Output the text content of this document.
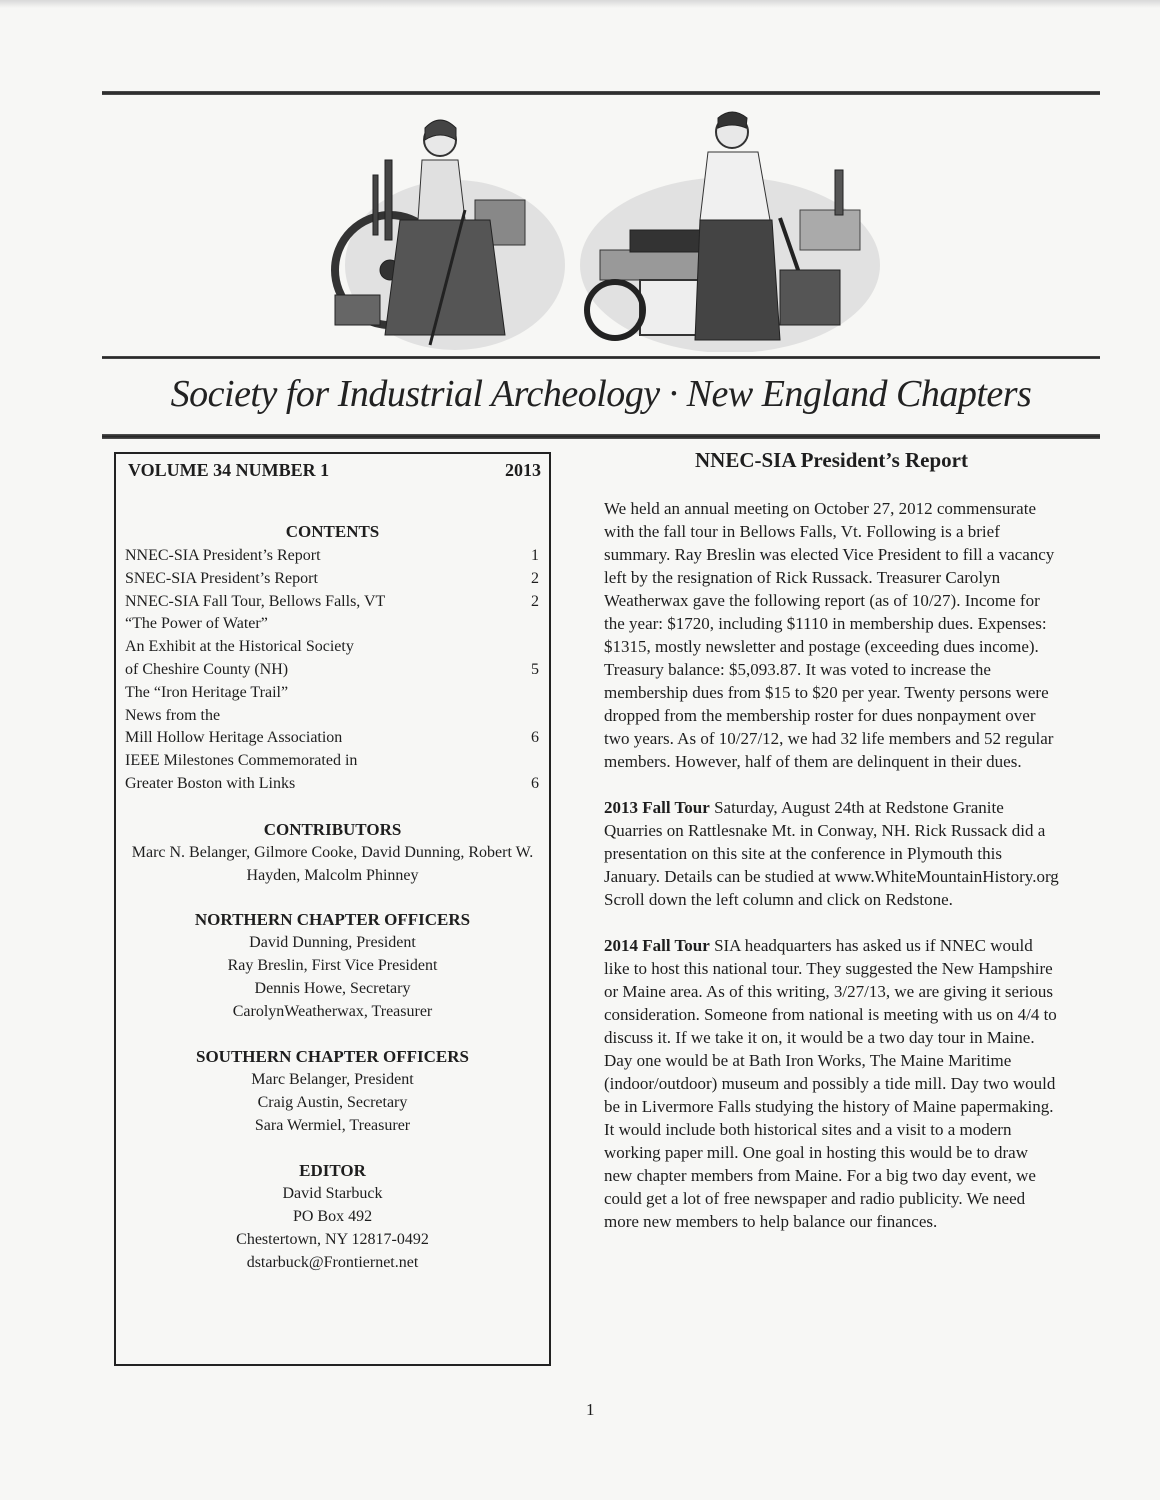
Society for Industrial Archeology · New England Chapters
VOLUME 34 NUMBER 1	2013
CONTENTS
NNEC-SIA President’s Report	1
SNEC-SIA President’s Report	2
NNEC-SIA Fall Tour, Bellows Falls, VT	2
“The Power of Water”
An Exhibit at the Historical Society
of Cheshire County (NH)	5
The “Iron Heritage Trail”
News from the
Mill Hollow Heritage Association	6
IEEE Milestones Commemorated in
Greater Boston with Links	6
CONTRIBUTORS
Marc N. Belanger, Gilmore Cooke, David Dunning, Robert W.
Hayden, Malcolm Phinney
NORTHERN CHAPTER OFFICERS
David Dunning, President
Ray Breslin, First Vice President
Dennis Howe, Secretary
CarolynWeatherwax, Treasurer
SOUTHERN CHAPTER OFFICERS
Marc Belanger, President
Craig Austin, Secretary
Sara Wermiel, Treasurer
EDITOR
David Starbuck
PO Box 492
Chestertown, NY 12817-0492
dstarbuck@Frontiernet.net
NNEC-SIA President’s Report

We held an annual meeting on October 27, 2012 commensurate with the fall tour in Bellows Falls, Vt. Following is a brief summary. Ray Breslin was elected Vice President to fill a vacancy left by the resignation of Rick Russack. Treasurer Carolyn Weatherwax gave the following report (as of 10/27). Income for the year: $1720, including $1110 in membership dues. Expenses: $1315, mostly newsletter and postage (exceeding dues income). Treasury balance: $5,093.87. It was voted to increase the membership dues from $15 to $20 per year. Twenty persons were dropped from the membership roster for dues nonpayment over two years. As of 10/27/12, we had 32 life members and 52 regular members. However, half of them are delinquent in their dues.

2013 Fall Tour Saturday, August 24th at Redstone Granite Quarries on Rattlesnake Mt. in Conway, NH. Rick Russack did a presentation on this site at the conference in Plymouth this January. Details can be studied at www.WhiteMountainHistory.org Scroll down the left column and click on Redstone.

2014 Fall Tour SIA headquarters has asked us if NNEC would like to host this national tour. They suggested the New Hampshire or Maine area. As of this writing, 3/27/13, we are giving it serious consideration. Someone from national is meeting with us on 4/4 to discuss it. If we take it on, it would be a two day tour in Maine. Day one would be at Bath Iron Works, The Maine Maritime (indoor/outdoor) museum and possibly a tide mill. Day two would be in Livermore Falls studying the history of Maine papermaking. It would include both historical sites and a visit to a modern working paper mill. One goal in hosting this would be to draw new chapter members from Maine. For a big two day event, we could get a lot of free newspaper and radio publicity. We need more new members to help balance our finances.

1
